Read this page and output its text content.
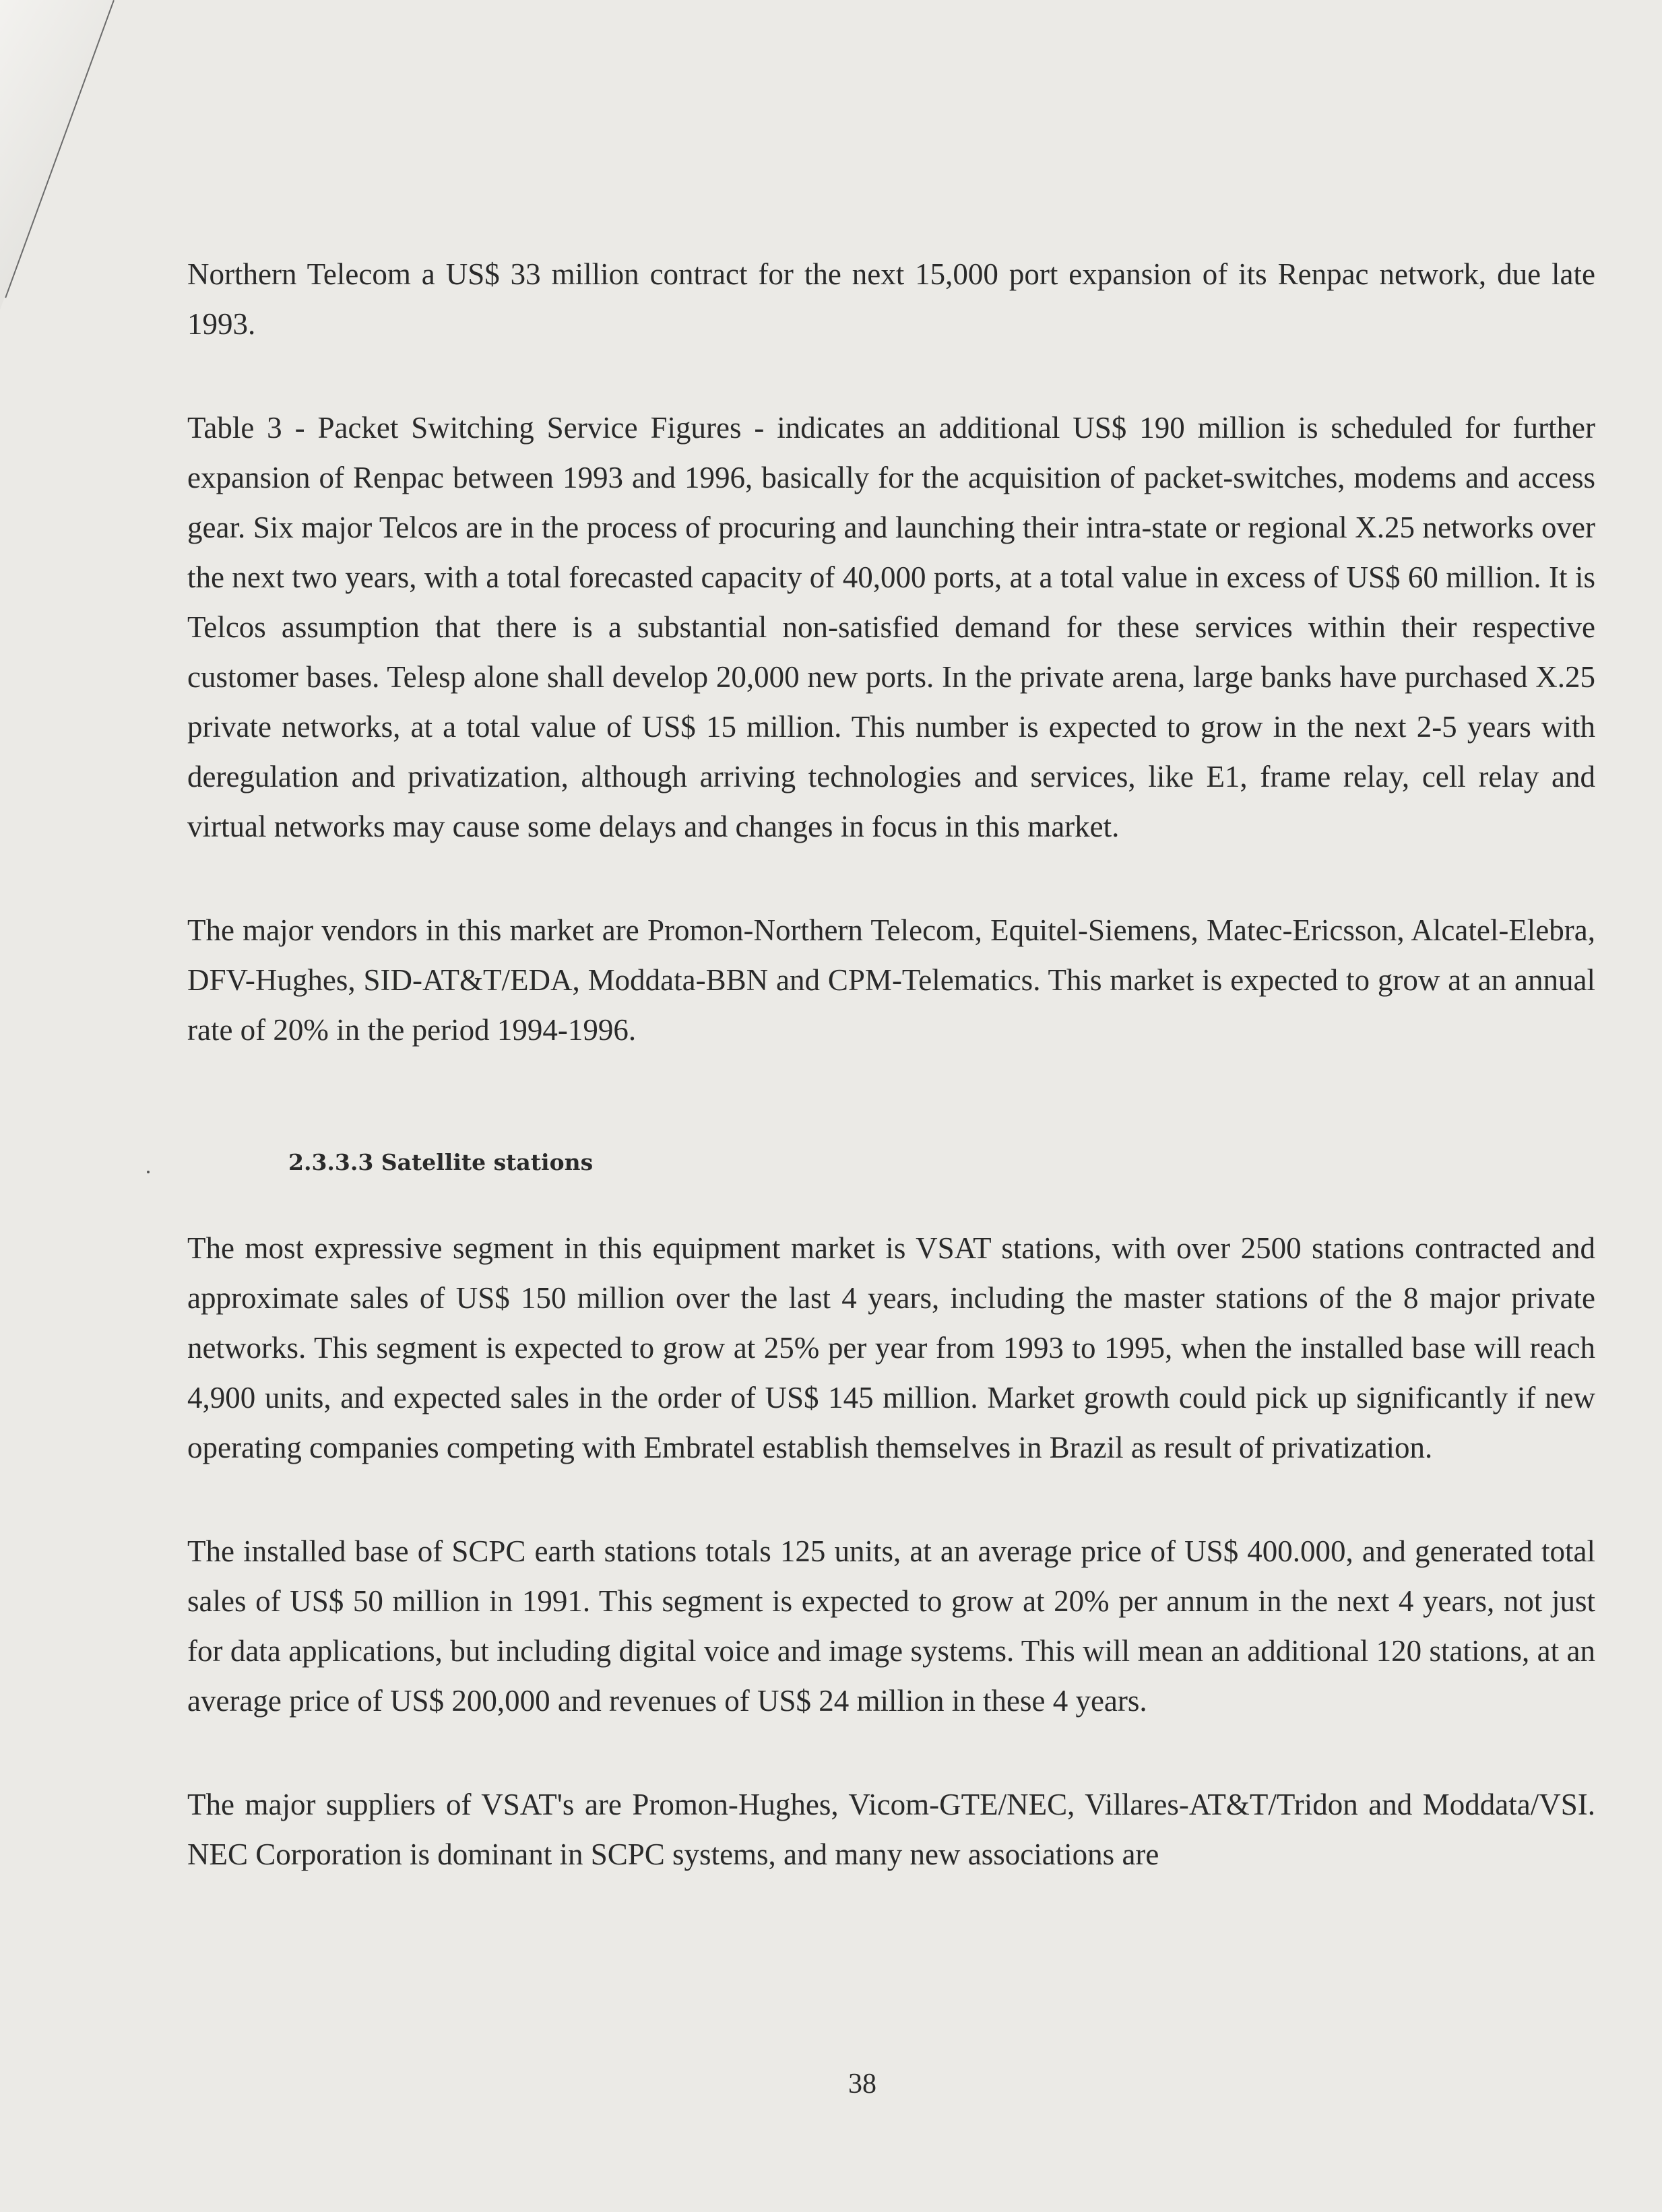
Northern Telecom a US$ 33 million contract for the next 15,000 port expansion of its Renpac network, due late 1993.

Table 3 - Packet Switching Service Figures - indicates an additional US$ 190 million is scheduled for further expansion of Renpac between 1993 and 1996, basically for the acquisition of packet-switches, modems and access gear. Six major Telcos are in the process of procuring and launching their intra-state or regional X.25 networks over the next two years, with a total forecasted capacity of 40,000 ports, at a total value in excess of US$ 60 million. It is Telcos assumption that there is a substantial non-satisfied demand for these services within their respective customer bases. Telesp alone shall develop 20,000 new ports. In the private arena, large banks have purchased X.25 private networks, at a total value of US$ 15 million. This number is expected to grow in the next 2-5 years with deregulation and privatization, although arriving technologies and services, like E1, frame relay, cell relay and virtual networks may cause some delays and changes in focus in this market.

The major vendors in this market are Promon-Northern Telecom, Equitel-Siemens, Matec-Ericsson, Alcatel-Elebra, DFV-Hughes, SID-AT&T/EDA, Moddata-BBN and CPM-Telematics. This market is expected to grow at an annual rate of 20% in the period 1994-1996.

2.3.3.3 Satellite stations

The most expressive segment in this equipment market is VSAT stations, with over 2500 stations contracted and approximate sales of US$ 150 million over the last 4 years, including the master stations of the 8 major private networks. This segment is expected to grow at 25% per year from 1993 to 1995, when the installed base will reach 4,900 units, and expected sales in the order of US$ 145 million. Market growth could pick up significantly if new operating companies competing with Embratel establish themselves in Brazil as result of privatization.

The installed base of SCPC earth stations totals 125 units, at an average price of US$ 400.000, and generated total sales of US$ 50 million in 1991. This segment is expected to grow at 20% per annum in the next 4 years, not just for data applications, but including digital voice and image systems. This will mean an additional 120 stations, at an average price of US$ 200,000 and revenues of US$ 24 million in these 4 years.

The major suppliers of VSAT's are Promon-Hughes, Vicom-GTE/NEC, Villares-AT&T/Tridon and Moddata/VSI. NEC Corporation is dominant in SCPC systems, and many new associations are

38
